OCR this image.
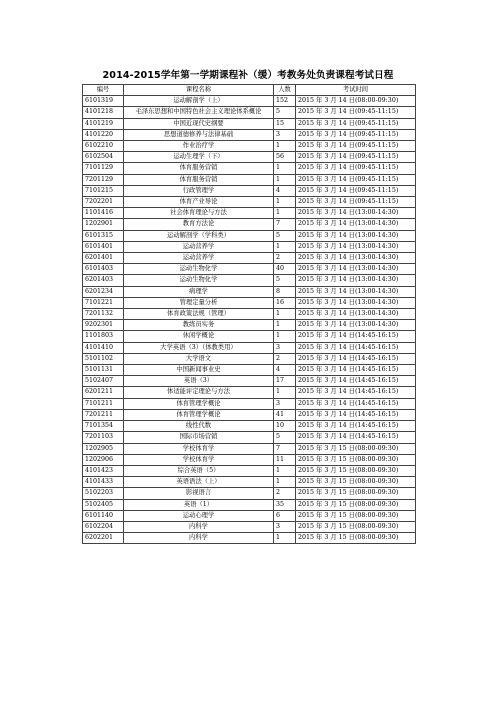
2014-2015学年第一学期课程补（缓）考教务处负责课程考试日程
编号	课程名称	人数	考试时间
6101319	运动解剖学（上）	152	2015 年 3 月 14 日(08:00-09:30)
4101218	毛泽东思想和中国特色社会主义理论体系概论	5	2015 年 3 月 14 日(09:45-11:15)
4101219	中国近现代史纲要	15	2015 年 3 月 14 日(09:45-11:15)
4101220	思想道德修养与法律基础	3	2015 年 3 月 14 日(09:45-11:15)
6102210	作业治疗学	1	2015 年 3 月 14 日(09:45-11:15)
6102504	运动生理学（下）	56	2015 年 3 月 14 日(09:45-11:15)
7101129	体育服务营销	1	2015 年 3 月 14 日(09:45-11:15)
7201129	体育服务营销	1	2015 年 3 月 14 日(09:45-11:15)
7101215	行政管理学	4	2015 年 3 月 14 日(09:45-11:15)
7202201	体育产业导论	1	2015 年 3 月 14 日(09:45-11:15)
1101416	社会体育理论与方法	1	2015 年 3 月 14 日(13:00-14:30)
1202901	教育方法论	7	2015 年 3 月 14 日(13:00-14:30)
6101315	运动解剖学（学科类）	5	2015 年 3 月 14 日(13:00-14:30)
6101401	运动营养学	1	2015 年 3 月 14 日(13:00-14:30)
6201401	运动营养学	2	2015 年 3 月 14 日(13:00-14:30)
6101403	运动生物化学	40	2015 年 3 月 14 日(13:00-14:30)
6201403	运动生物化学	5	2015 年 3 月 14 日(13:00-14:30)
6201234	病理学	8	2015 年 3 月 14 日(13:00-14:30)
7101221	管理定量分析	16	2015 年 3 月 14 日(13:00-14:30)
7201132	体育政策法规（管理）	1	2015 年 3 月 14 日(13:00-14:30)
9202301	教练员实务	1	2015 年 3 月 14 日(13:00-14:30)
1101803	休闲学概论	1	2015 年 3 月 14 日(14:45-16:15)
4101410	大学英语（3）（体教类用）	3	2015 年 3 月 14 日(14:45-16:15)
5101102	大学语文	2	2015 年 3 月 14 日(14:45-16:15)
5101131	中国新闻事业史	4	2015 年 3 月 14 日(14:45-16:15)
5102407	英语（3）	17	2015 年 3 月 14 日(14:45-16:15)
6201211	体适能评定理论与方法	1	2015 年 3 月 14 日(14:45-16:15)
7101211	体育管理学概论	3	2015 年 3 月 14 日(14:45-16:15)
7201211	体育管理学概论	41	2015 年 3 月 14 日(14:45-16:15)
7101354	线性代数	10	2015 年 3 月 14 日(14:45-16:15)
7201103	国际市场营销	5	2015 年 3 月 14 日(14:45-16:15)
1202905	学校体育学	7	2015 年 3 月 15 日(08:00-09:30)
1202906	学校体育学	11	2015 年 3 月 15 日(08:00-09:30)
4101423	综合英语（5）	1	2015 年 3 月 15 日(08:00-09:30)
4101433	英语语法（上）	1	2015 年 3 月 15 日(08:00-09:30)
5102203	影视语言	2	2015 年 3 月 15 日(08:00-09:30)
5102405	英语（1）	35	2015 年 3 月 15 日(08:00-09:30)
6101140	运动心理学	6	2015 年 3 月 15 日(08:00-09:30)
6102204	内科学	3	2015 年 3 月 15 日(08:00-09:30)
6202201	内科学	1	2015 年 3 月 15 日(08:00-09:30)
